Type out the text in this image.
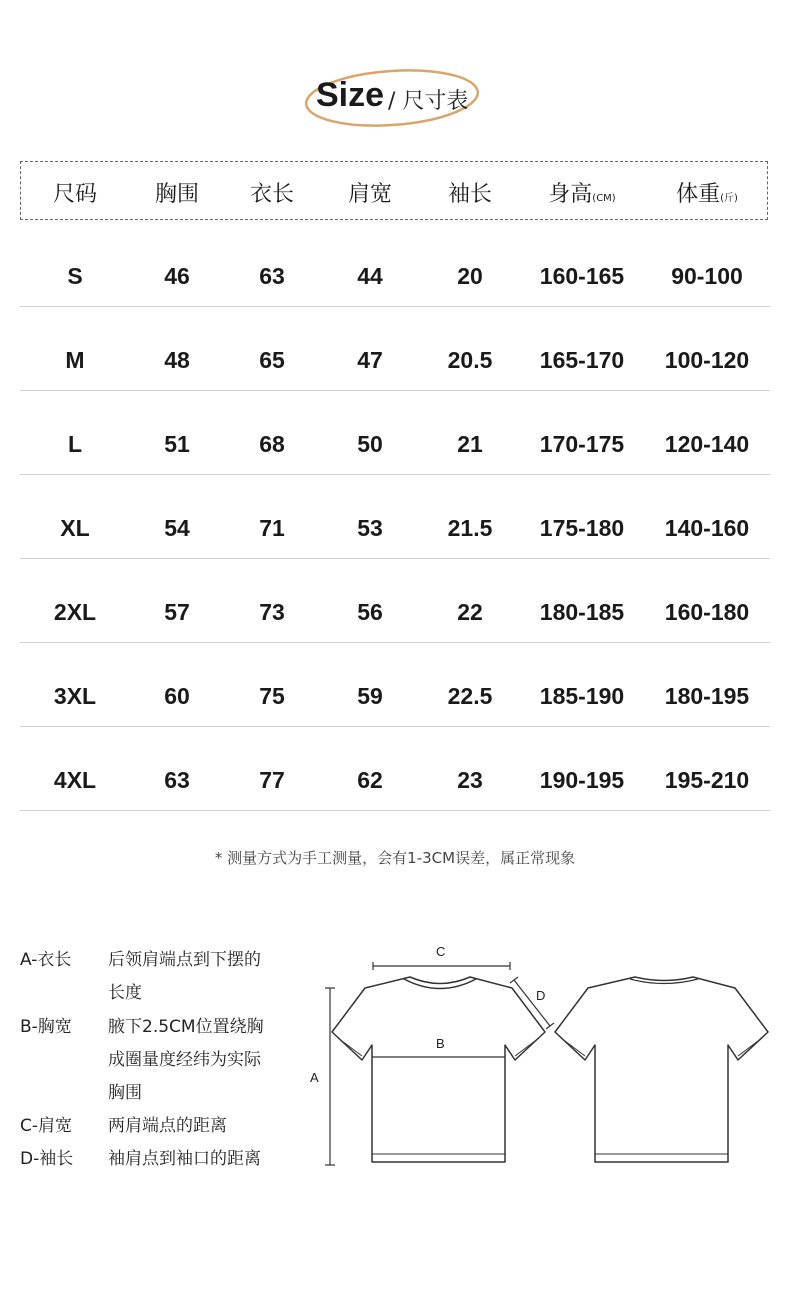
Size / 尺寸表
尺码	胸围	衣长	肩宽	袖长	身高(CM)	体重(斤)
S	46	63	44	20	160-165	90-100
M	48	65	47	20.5	165-170	100-120
L	51	68	50	21	170-175	120-140
XL	54	71	53	21.5	175-180	140-160
2XL	57	73	56	22	180-185	160-180
3XL	60	75	59	22.5	185-190	180-195
4XL	63	77	62	23	190-195	195-210
* 测量方式为手工测量，会有1-3CM误差，属正常现象
A-衣长 后领肩端点到下摆的
长度
B-胸宽 腋下2.5CM位置绕胸
成圈量度经纬为实际
胸围
C-肩宽 两肩端点的距离
D-袖长 袖肩点到袖口的距离
A
B
C
D
